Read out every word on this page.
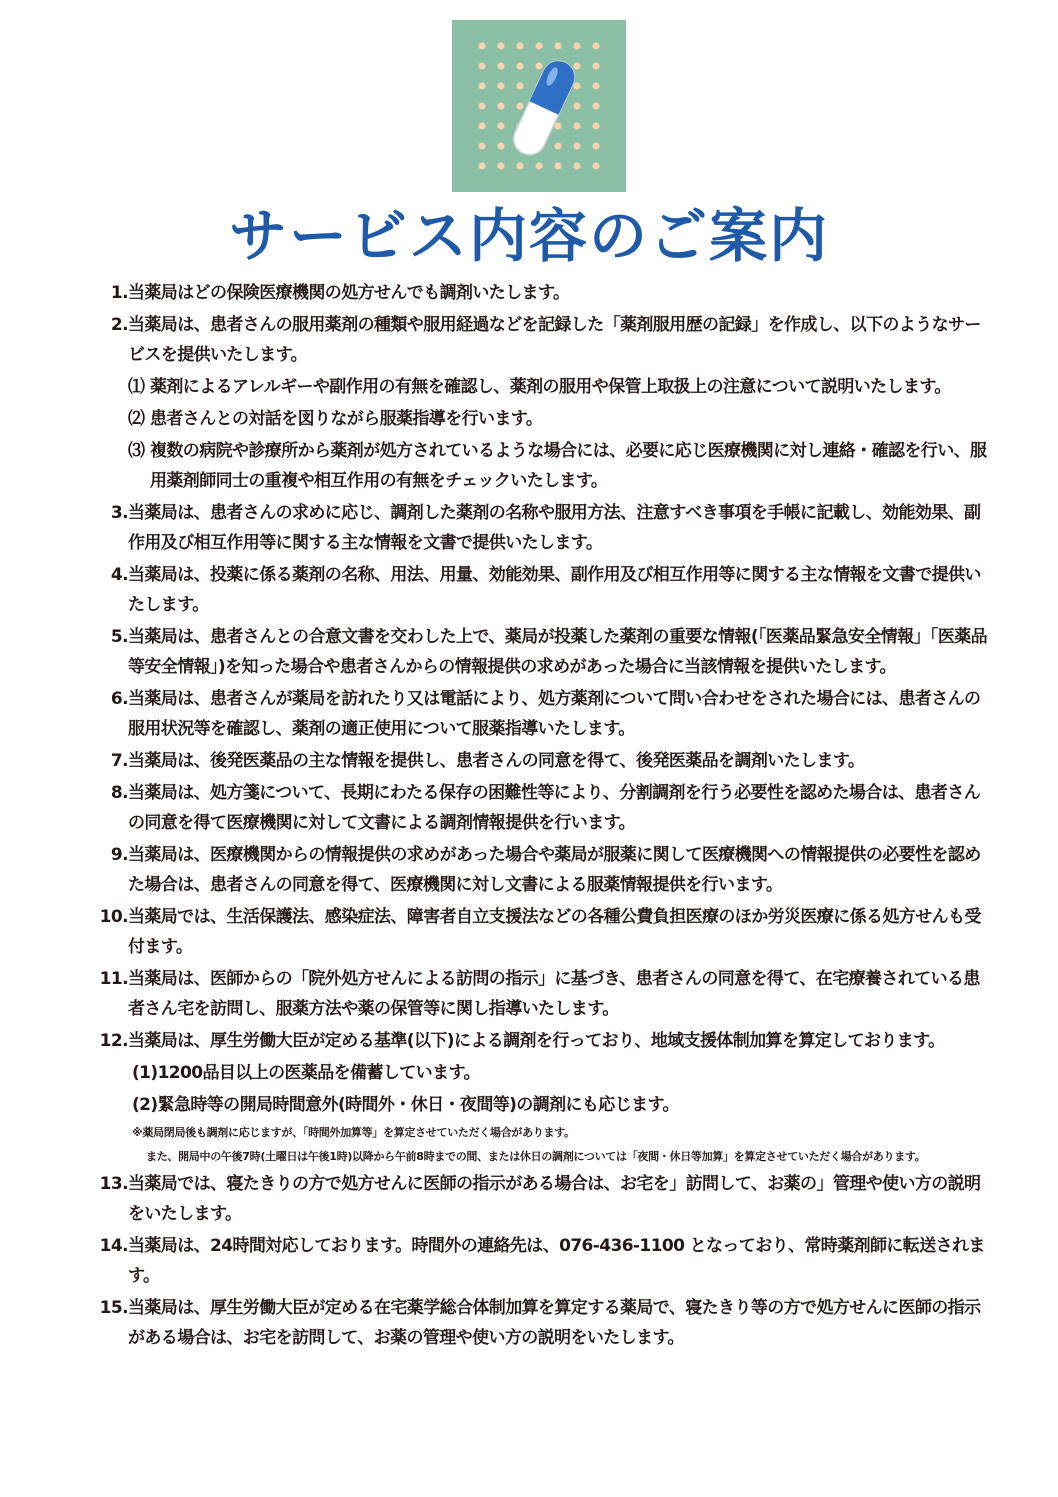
サービス内容のご案内
1. 当薬局はどの保険医療機関の処方せんでも調剤いたします。
2. 当薬局は、患者さんの服用薬剤の種類や服用経過などを記録した「薬剤服用歴の記録」を作成し、以下のようなサービスを提供いたします。
⑴ 薬剤によるアレルギーや副作用の有無を確認し、薬剤の服用や保管上取扱上の注意について説明いたします。
⑵ 患者さんとの対話を図りながら服薬指導を行います。
⑶ 複数の病院や診療所から薬剤が処方されているような場合には、必要に応じ医療機関に対し連絡・確認を行い、服用薬剤師同士の重複や相互作用の有無をチェックいたします。
3. 当薬局は、患者さんの求めに応じ、調剤した薬剤の名称や服用方法、注意すべき事項を手帳に記載し、効能効果、副作用及び相互作用等に関する主な情報を文書で提供いたします。
4. 当薬局は、投薬に係る薬剤の名称、用法、用量、効能効果、副作用及び相互作用等に関する主な情報を文書で提供いたします。
5. 当薬局は、患者さんとの合意文書を交わした上で、薬局が投薬した薬剤の重要な情報(「医薬品緊急安全情報」「医薬品等安全情報」)を知った場合や患者さんからの情報提供の求めがあった場合に当該情報を提供いたします。
6. 当薬局は、患者さんが薬局を訪れたり又は電話により、処方薬剤について問い合わせをされた場合には、患者さんの服用状況等を確認し、薬剤の適正使用について服薬指導いたします。
7. 当薬局は、後発医薬品の主な情報を提供し、患者さんの同意を得て、後発医薬品を調剤いたします。
8. 当薬局は、処方箋について、長期にわたる保存の困難性等により、分割調剤を行う必要性を認めた場合は、患者さんの同意を得て医療機関に対して文書による調剤情報提供を行います。
9. 当薬局は、医療機関からの情報提供の求めがあった場合や薬局が服薬に関して医療機関への情報提供の必要性を認めた場合は、患者さんの同意を得て、医療機関に対し文書による服薬情報提供を行います。
10. 当薬局では、生活保護法、感染症法、障害者自立支援法などの各種公費負担医療のほか労災医療に係る処方せんも受付ます。
11. 当薬局は、医師からの「院外処方せんによる訪問の指示」に基づき、患者さんの同意を得て、在宅療養されている患者さん宅を訪問し、服薬方法や薬の保管等に関し指導いたします。
12. 当薬局は、厚生労働大臣が定める基準(以下)による調剤を行っており、地域支援体制加算を算定しております。
(1)1200品目以上の医薬品を備蓄しています。
(2)緊急時等の開局時間意外(時間外・休日・夜間等)の調剤にも応じます。
※薬局閉局後も調剤に応じますが、「時間外加算等」を算定させていただく場合があります。
また、開局中の午後7時(土曜日は午後1時)以降から午前8時までの間、または休日の調剤については「夜間・休日等加算」を算定させていただく場合があります。
13. 当薬局では、寝たきりの方で処方せんに医師の指示がある場合は、お宅を」訪問して、お薬の」管理や使い方の説明をいたします。
14. 当薬局は、24時間対応しております。時間外の連絡先は、076-436-1100 となっており、常時薬剤師に転送されます。
15. 当薬局は、厚生労働大臣が定める在宅薬学総合体制加算を算定する薬局で、寝たきり等の方で処方せんに医師の指示がある場合は、お宅を訪問して、お薬の管理や使い方の説明をいたします。
